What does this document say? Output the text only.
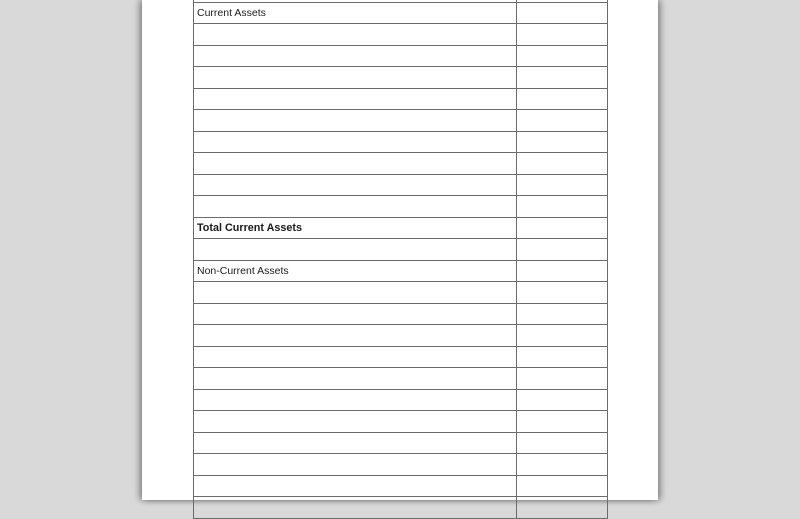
Current Assets	

Total Current Assets	

Non-Current Assets	
